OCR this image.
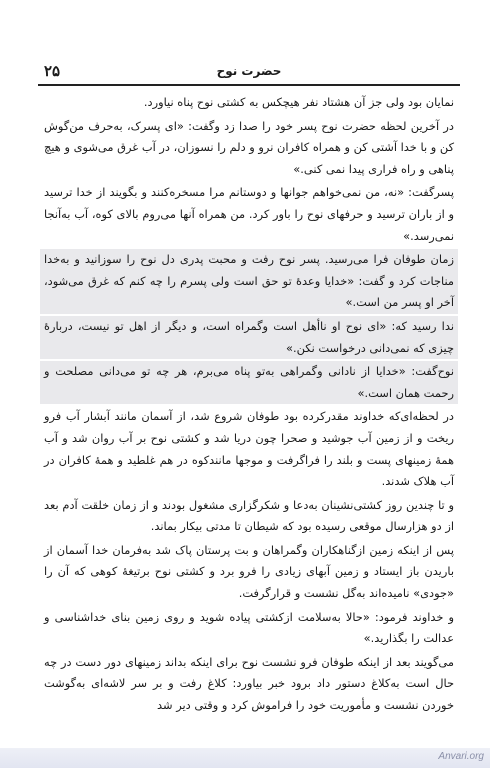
۲۵	حضرت نوح

نمایان بود ولی جز آن هشتاد نفر هیچکس به کشتی نوح پناه نیاورد.

در آخرین لحظه حضرت نوح پسر خود را صدا زد وگفت: «ای پسرک، به‌حرف من‌گوش کن و با خدا آشتی کن و همراه کافران نرو و دلم را نسوزان، در آب غرق می‌شوی و هیچ پناهی و راه فراری پیدا نمی کنی.»

پسرگفت: «نه، من نمی‌خواهم جوانها و دوستانم مرا مسخره‌کنند و بگویند از خدا ترسید و از باران ترسید و حرفهای نوح را باور کرد. من همراه آنها می‌روم بالای کوه، آب به‌آنجا نمی‌رسد.»

زمان طوفان فرا می‌رسید. پسر نوح رفت و محبت پدری دل نوح را سوزانید و به‌خدا مناجات کرد و گفت: «خدایا وعدهٔ تو حق است ولی پسرم را چه کنم که غرق می‌شود، آخر او پسر من است.»

ندا رسید که: «ای نوح او ناأهل است وگمراه است، و دیگر از اهل تو نیست، دربارهٔ چیزی که نمی‌دانی درخواست نکن.»

نوح‌گفت: «خدایا از نادانی وگمراهی به‌تو پناه می‌برم، هر چه تو می‌دانی مصلحت و رحمت همان است.»

در لحظه‌ای‌که خداوند مقدرکرده بود طوفان شروع شد، از آسمان مانند آبشار آب فرو ریخت و از زمین آب جوشید و صحرا چون دریا شد و کشتی نوح بر آب روان شد و آب همهٔ زمینهای پست و بلند را فراگرفت و موجها مانندکوه در هم غلطید و همهٔ کافران در آب هلاک شدند.

و تا چندین روز کشتی‌نشینان به‌دعا و شکرگزاری مشغول بودند و از زمان خلقت آدم بعد از دو هزارسال موقعی رسیده بود که شیطان تا مدتی بیکار بماند.

پس از اینکه زمین ازگناهکاران وگمراهان و بت‌ پرستان پاک شد به‌فرمان خدا آسمان از باریدن باز ایستاد و زمین آبهای زیادی را فرو برد و کشتی نوح برتیغهٔ کوهی که آن را «جودی» نامیده‌اند به‌گل نشست و قرارگرفت.

و خداوند فرمود: «حالا به‌سلامت ازکشتی پیاده شوید و روی زمین بنای خداشناسی و عدالت را بگذارید.»

می‌گویند بعد از اینکه طوفان فرو نشست نوح برای اینکه بداند زمینهای دور دست در چه حال است به‌کلاغ دستور داد برود خبر بیاورد: کلاغ رفت و بر سر لاشه‌ای به‌گوشت خوردن نشست و مأموریت خود را فراموش کرد و وقتی دیر شد

Anvari.org
